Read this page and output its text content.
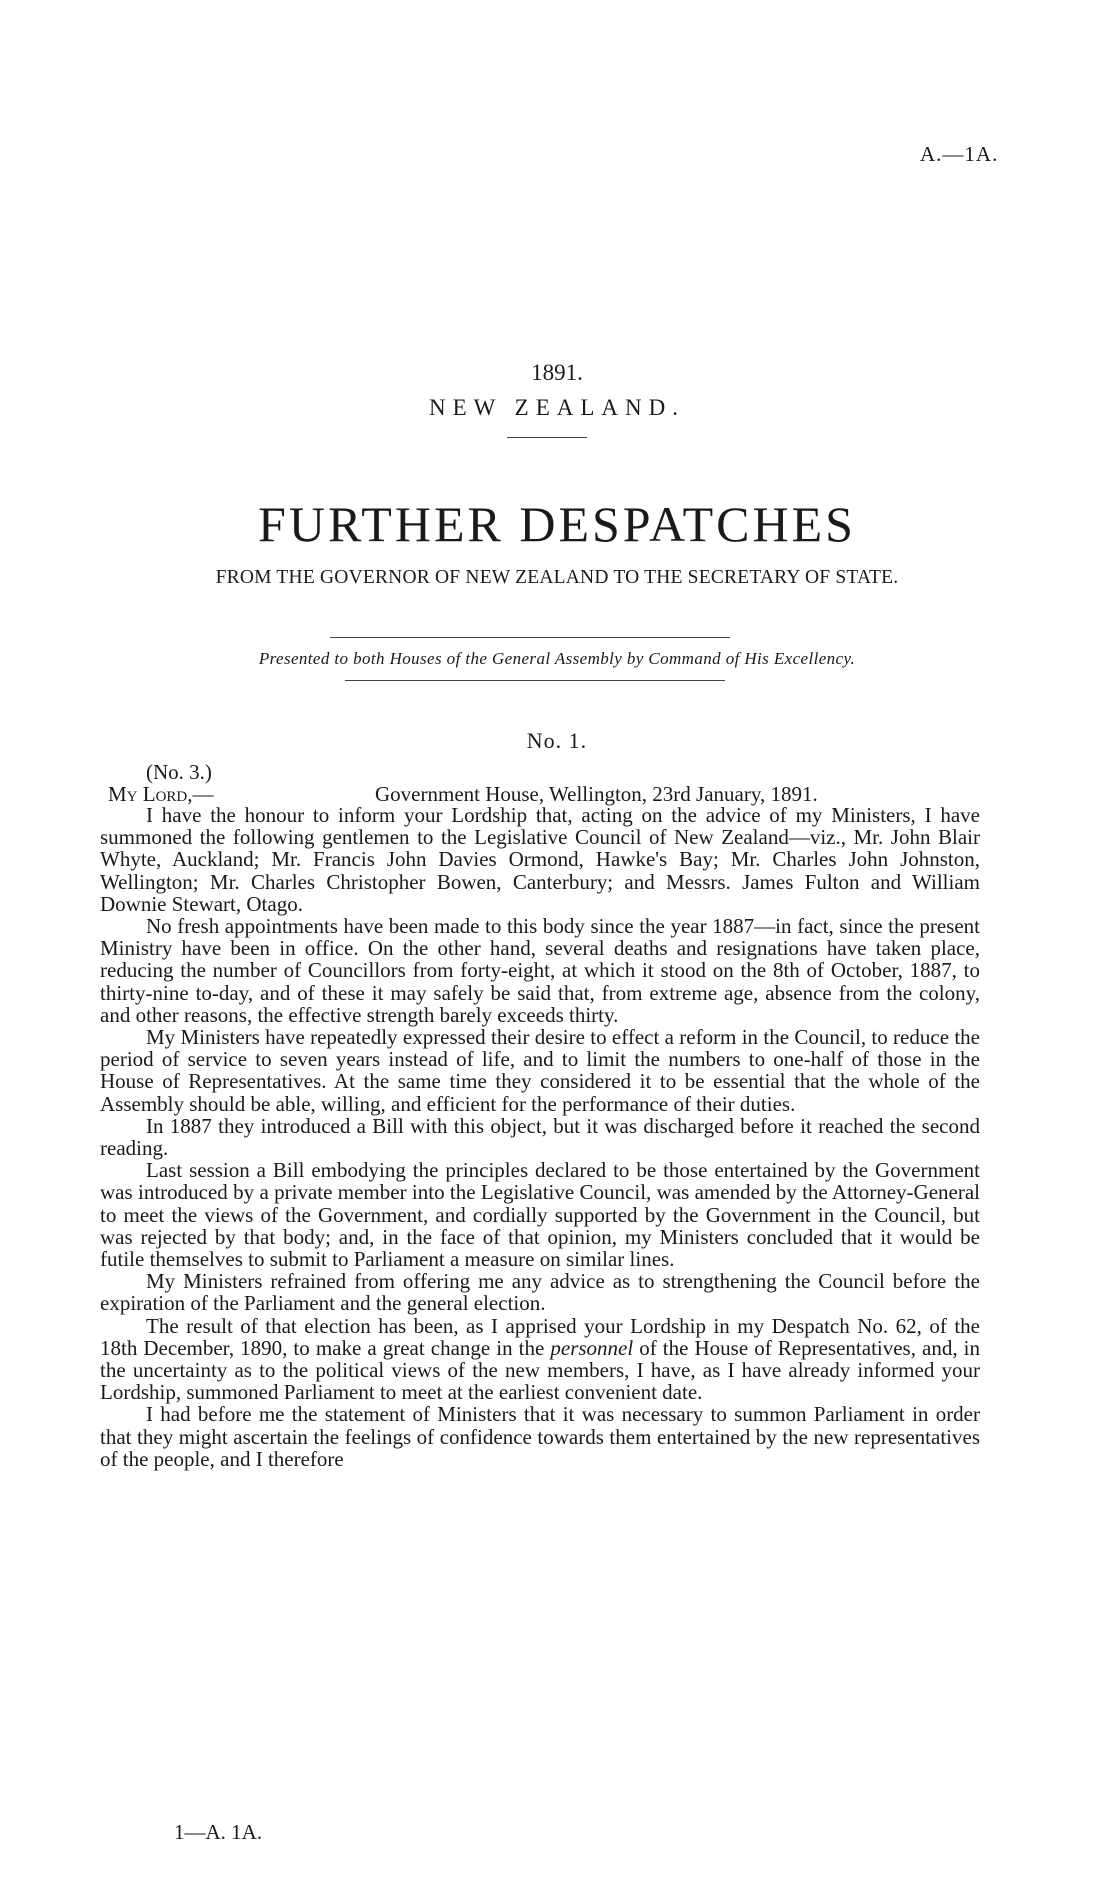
A.—1A.
1891.
NEW ZEALAND.
FURTHER DESPATCHES
FROM THE GOVERNOR OF NEW ZEALAND TO THE SECRETARY OF STATE.
Presented to both Houses of the General Assembly by Command of His Excellency.
No. 1.
(No. 3.)
My Lord,—	Government House, Wellington, 23rd January, 1891.

I have the honour to inform your Lordship that, acting on the advice of my Ministers, I have summoned the following gentlemen to the Legislative Council of New Zealand—viz., Mr. John Blair Whyte, Auckland; Mr. Francis John Davies Ormond, Hawke's Bay; Mr. Charles John Johnston, Wellington; Mr. Charles Christopher Bowen, Canterbury; and Messrs. James Fulton and William Downie Stewart, Otago.

No fresh appointments have been made to this body since the year 1887—in fact, since the present Ministry have been in office. On the other hand, several deaths and resignations have taken place, reducing the number of Councillors from forty-eight, at which it stood on the 8th of October, 1887, to thirty-nine to-day, and of these it may safely be said that, from extreme age, absence from the colony, and other reasons, the effective strength barely exceeds thirty.

My Ministers have repeatedly expressed their desire to effect a reform in the Council, to reduce the period of service to seven years instead of life, and to limit the numbers to one-half of those in the House of Representatives. At the same time they considered it to be essential that the whole of the Assembly should be able, willing, and efficient for the performance of their duties.

In 1887 they introduced a Bill with this object, but it was discharged before it reached the second reading.

Last session a Bill embodying the principles declared to be those entertained by the Government was introduced by a private member into the Legislative Council, was amended by the Attorney-General to meet the views of the Government, and cordially supported by the Government in the Council, but was rejected by that body; and, in the face of that opinion, my Ministers concluded that it would be futile themselves to submit to Parliament a measure on similar lines.

My Ministers refrained from offering me any advice as to strengthening the Council before the expiration of the Parliament and the general election.

The result of that election has been, as I apprised your Lordship in my Despatch No. 62, of the 18th December, 1890, to make a great change in the personnel of the House of Representatives, and, in the uncertainty as to the political views of the new members, I have, as I have already informed your Lordship, summoned Parliament to meet at the earliest convenient date.

I had before me the statement of Ministers that it was necessary to summon Parliament in order that they might ascertain the feelings of confidence towards them entertained by the new representatives of the people, and I therefore

1—A. 1A.
